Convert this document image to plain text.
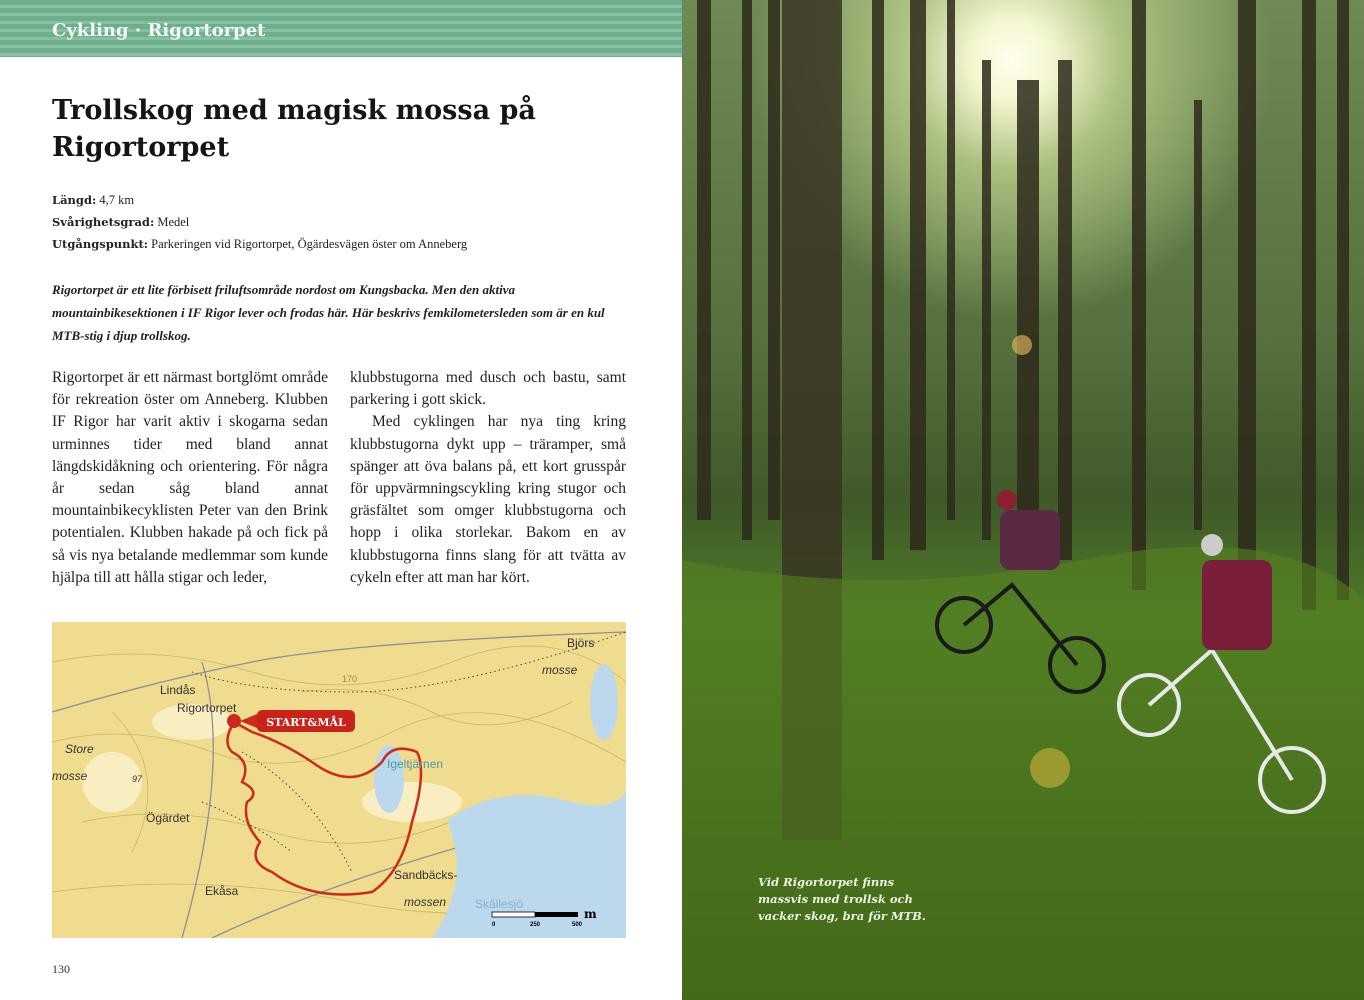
Cykling · Rigortorpet
Trollskog med magisk mossa på Rigortorpet
Längd: 4,7 km
Svårighetsgrad: Medel
Utgångspunkt: Parkeringen vid Rigortorpet, Ögärdesvägen öster om Anneberg

Rigortorpet är ett lite förbisett friluftsområde nordost om Kungsbacka. Men den aktiva mountainbikesektionen i IF Rigor lever och frodas här. Här beskrivs femkilometersleden som är en kul MTB-stig i djup trollskog.

Rigortorpet är ett närmast bortglömt område för rekreation öster om Anneberg. Klubben IF Rigor har varit aktiv i skogarna sedan urminnes tider med bland annat längdskidåkning och orientering. För några år sedan såg bland annat mountainbikecyklisten Peter van den Brink potentialen. Klubben hakade på och fick på så vis nya betalande medlemmar som kunde hjälpa till att hålla stigar och leder,

klubbstugorna med dusch och bastu, samt parkering i gott skick.

Med cyklingen har nya ting kring klubbstugorna dykt upp – träramper, små spänger att öva balans på, ett kort grusspår för uppvärmningscykling kring stugor och gräsfältet som omger klubbstugorna och hopp i olika storlekar. Bakom en av klubbstugorna finns slang för att tvätta av cykeln efter att man har kört.

START&MÅL
Lindås
Rigortorpet
Store
mosse	97
Ögärdet
Ekåsa
Björs
mosse
170
Igeltjärnen
Sandbäcks-
mossen Skällesjö
0	250	500
m
130
Vid Rigortorpet finns massvis med trollsk och vacker skog, bra för MTB.
